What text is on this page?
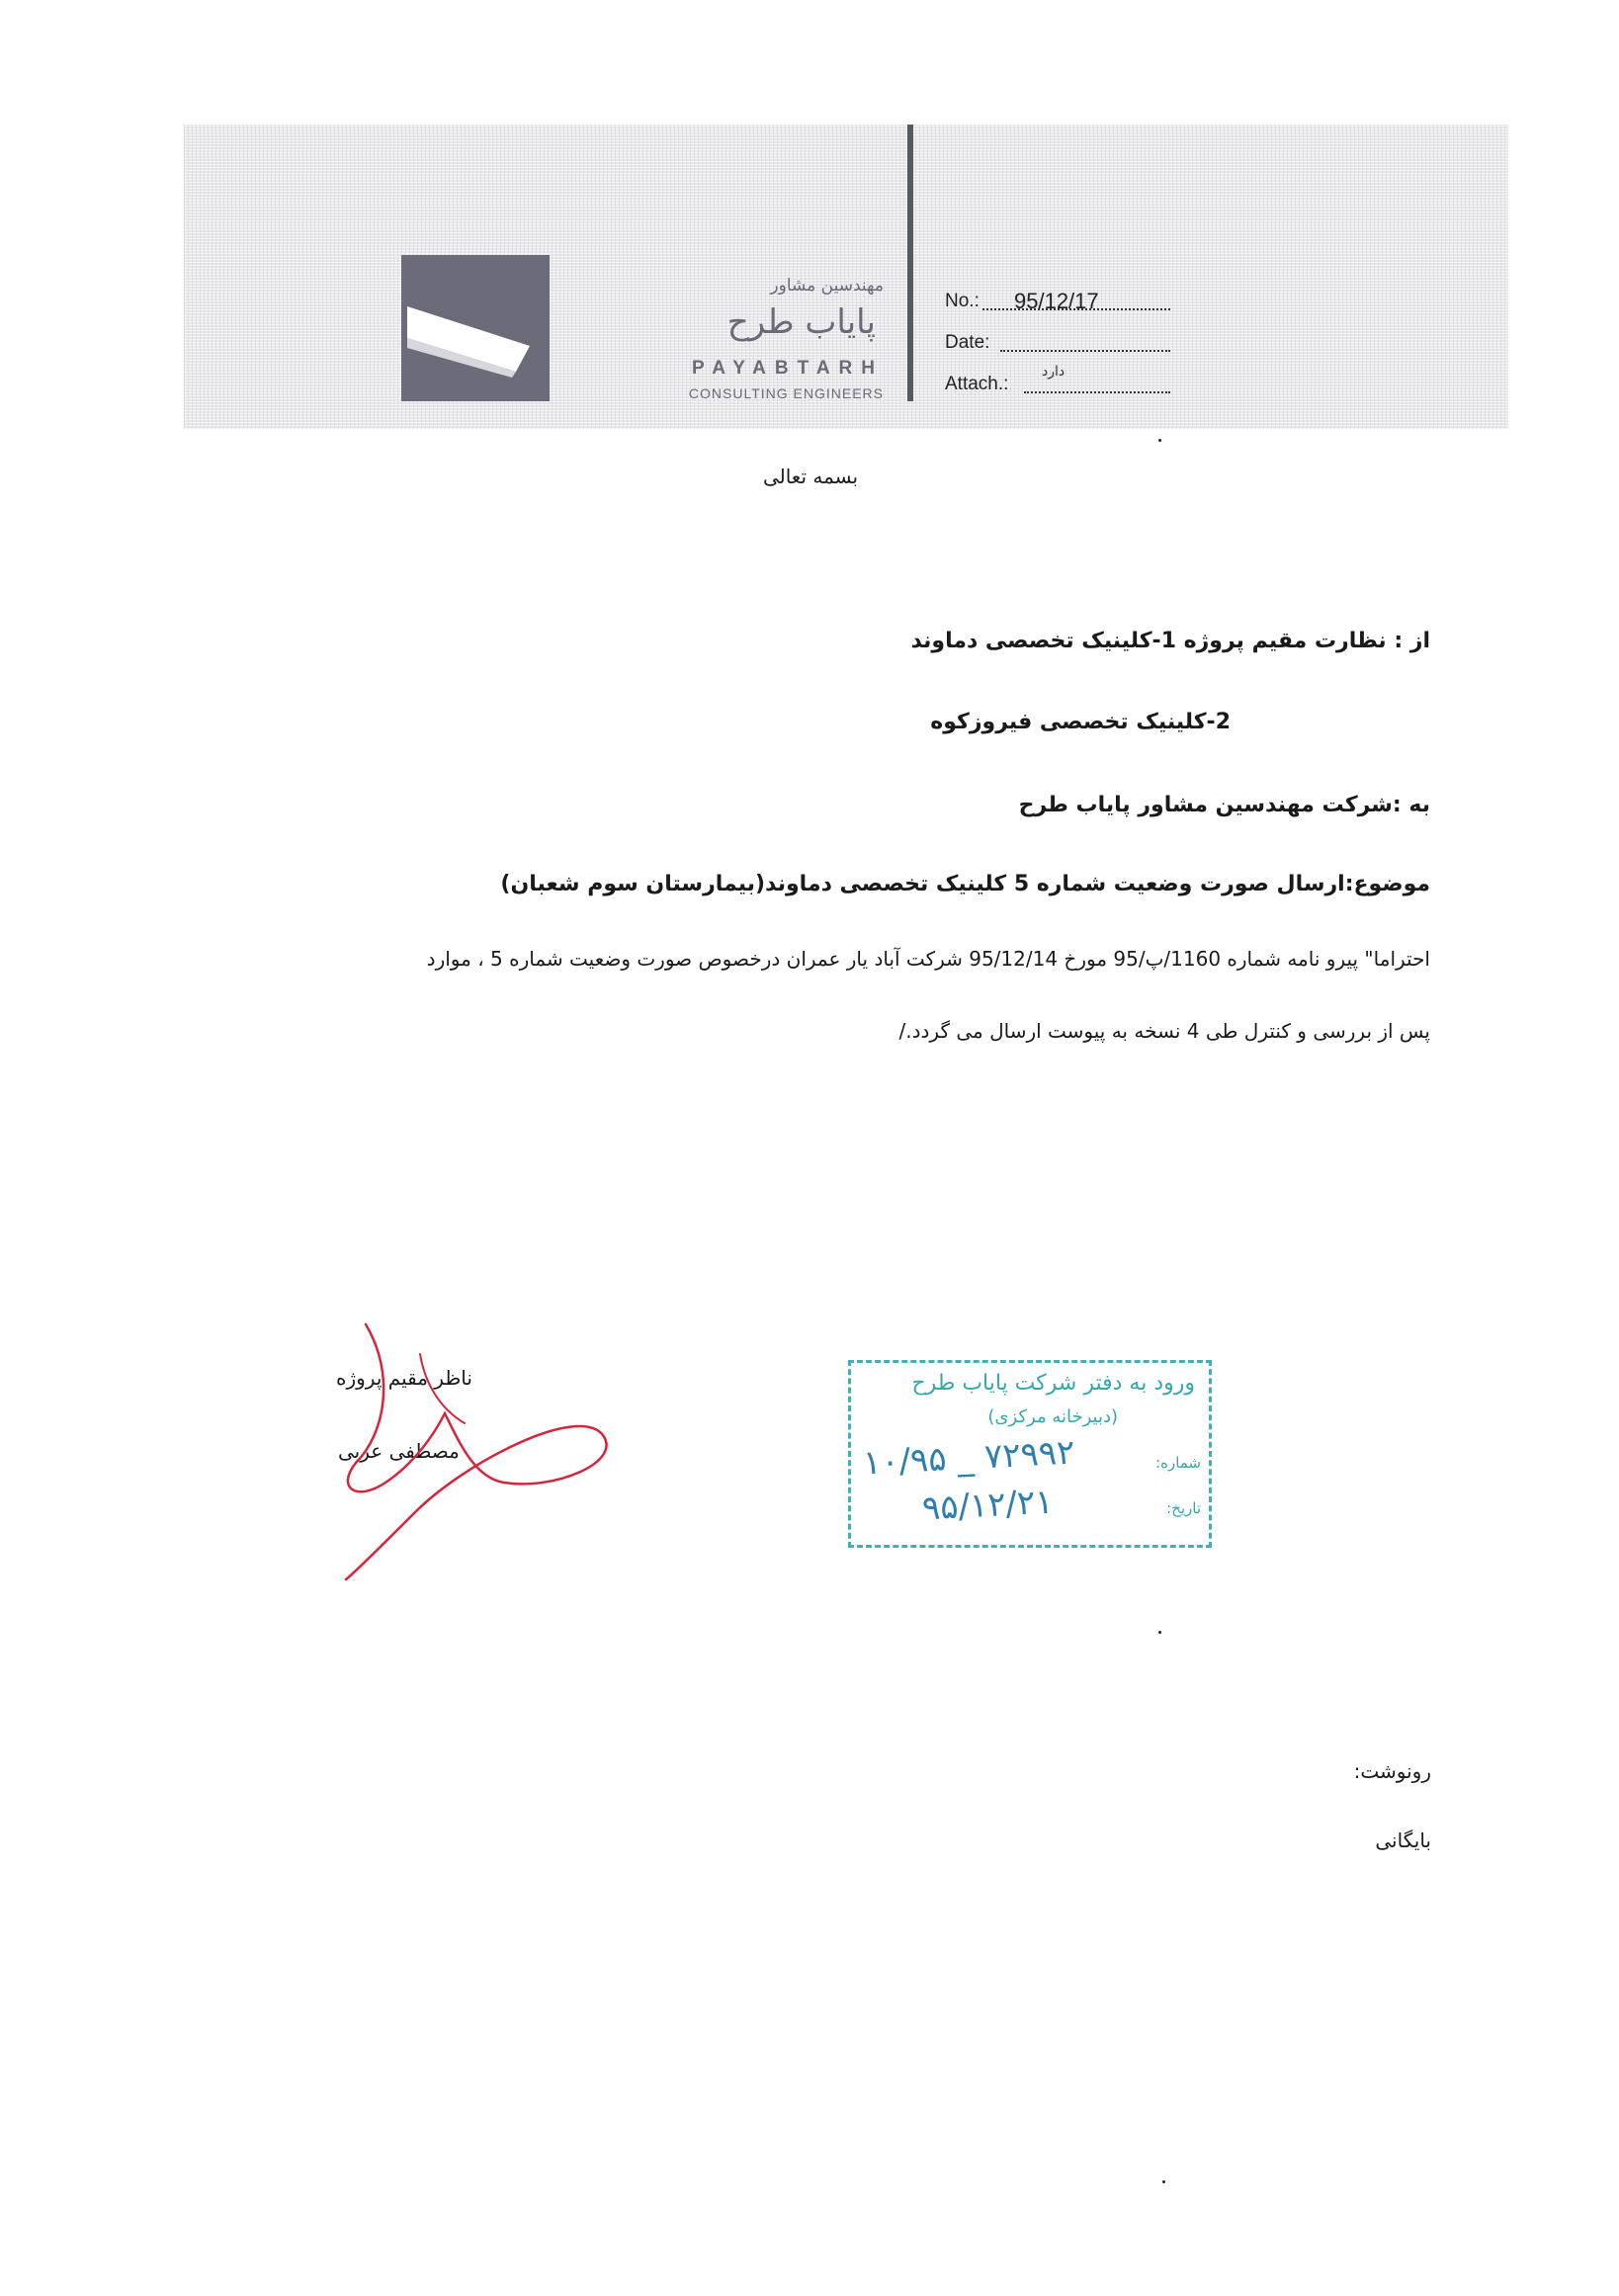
مهندسین مشاور
پایاب طرح
PAYABTARH
CONSULTING ENGINEERS
No.: 95/12/17
Date:
Attach.:
دارد
بسمه تعالی
از : نظارت مقیم پروژه 1-کلینیک تخصصی دماوند
2-کلینیک تخصصی فیروزکوه
به :شرکت مهندسین مشاور پایاب طرح
موضوع:ارسال صورت وضعیت شماره 5 کلینیک تخصصی دماوند(بیمارستان سوم شعبان)
احتراما" پیرو نامه شماره 1160/پ/95 مورخ 95/12/14 شرکت آباد یار عمران درخصوص صورت وضعیت شماره 5 ، موارد
پس از بررسی و کنترل طی 4 نسخه به پیوست ارسال می گردد./
ناظر مقیم پروژه
مصطفی عربی
ورود به دفتر شرکت پایاب طرح
(دبیرخانه مرکزی)
شماره:
تاریخ:
۱۰/۹۵ _ ۷۲۹۹۲
۹۵/۱۲/۲۱
رونوشت:
بایگانی
